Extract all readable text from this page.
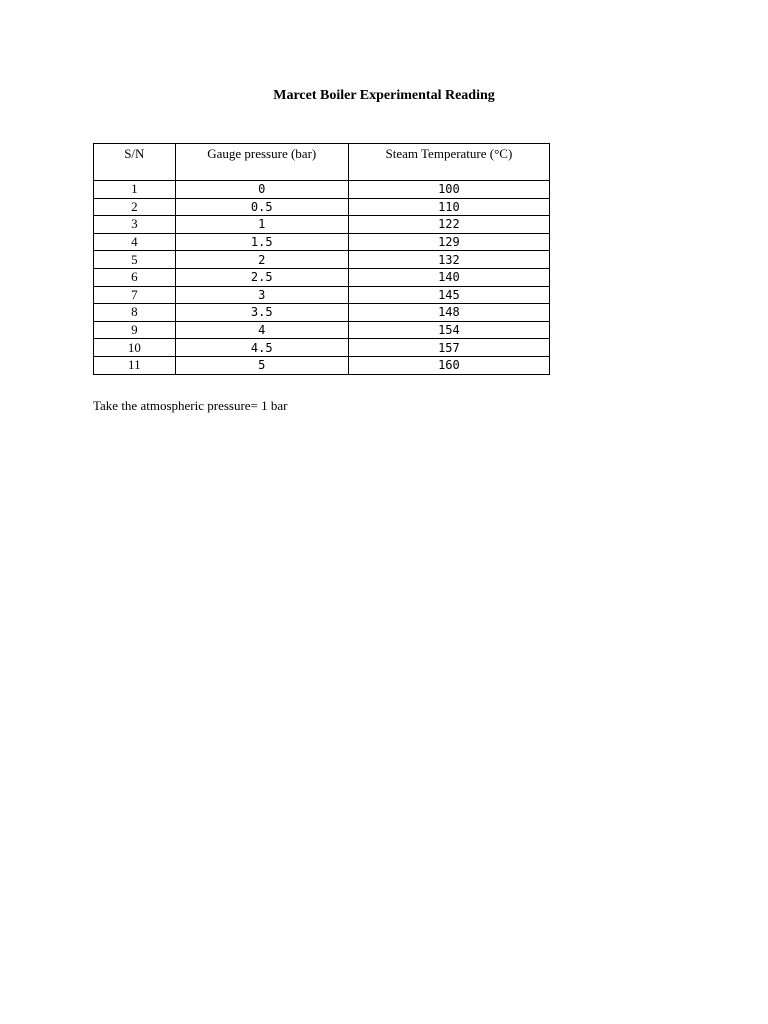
Marcet Boiler Experimental Reading
S/N	Gauge pressure (bar)	Steam Temperature (°C)
1	0	100
2	0.5	110
3	1	122
4	1.5	129
5	2	132
6	2.5	140
7	3	145
8	3.5	148
9	4	154
10	4.5	157
11	5	160
Take the atmospheric pressure= 1 bar
